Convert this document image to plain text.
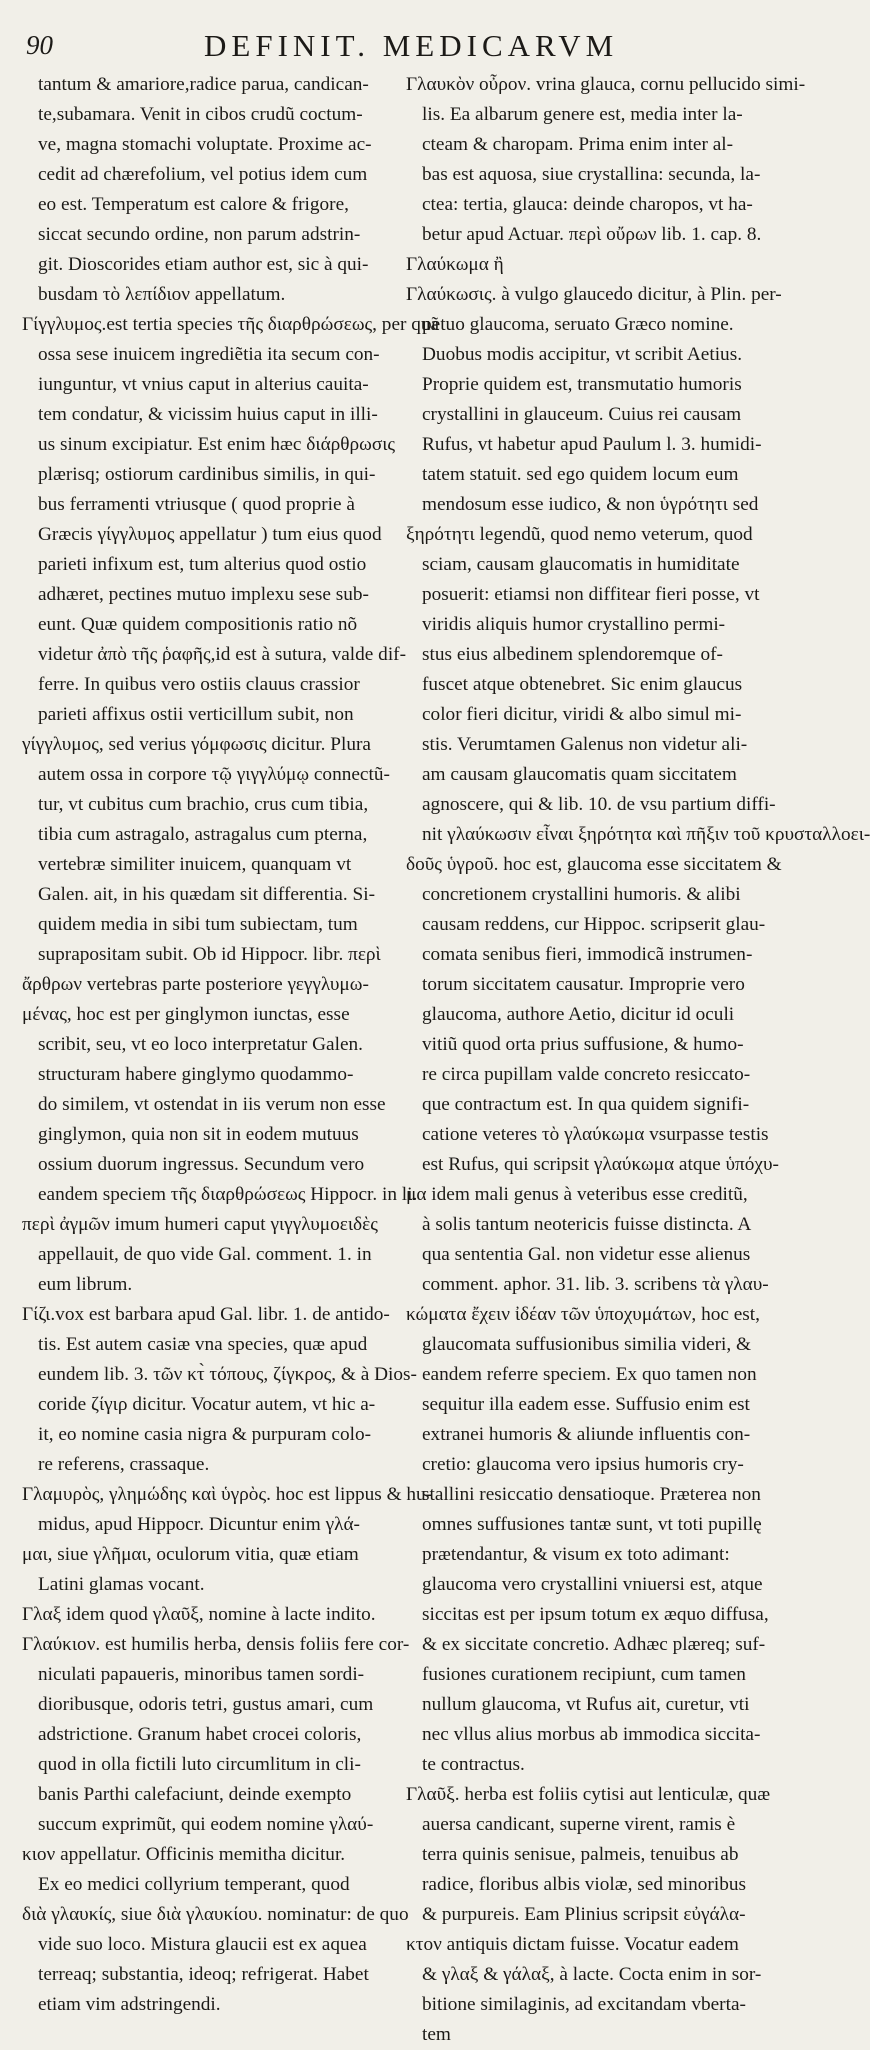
90	DEFINIT. MEDICARVM
tantum & amariore,radice parua, candican-
te,subamara. Venit in cibos crudũ coctum-
ve, magna stomachi voluptate. Proxime ac-
cedit ad chærefolium, vel potius idem cum
eo est. Temperatum est calore & frigore,
siccat secundo ordine, non parum adstrin-
git. Dioscorides etiam author est, sic à qui-
busdam τὸ λεπίδιον appellatum.
Γίγγλυμος.est tertia species τῆς διαρθρώσεως, per quã
ossa sese inuicem ingrediẽtia ita secum con-
iunguntur, vt vnius caput in alterius cauita-
tem condatur, & vicissim huius caput in illi-
us sinum excipiatur. Est enim hæc διάρθρωσις
plærisq; ostiorum cardinibus similis, in qui-
bus ferramenti vtriusque ( quod proprie à
Græcis γίγγλυμος appellatur ) tum eius quod
parieti infixum est, tum alterius quod ostio
adhæret, pectines mutuo implexu sese sub-
eunt. Quæ quidem compositionis ratio nõ
videtur ἀπὸ τῆς ῥαφῆς,id est à sutura, valde dif-
ferre. In quibus vero ostiis clauus crassior
parieti affixus ostii verticillum subit, non
γίγγλυμος, sed verius γόμφωσις dicitur. Plura
autem ossa in corpore τῷ γιγγλύμῳ connectũ-
tur, vt cubitus cum brachio, crus cum tibia,
tibia cum astragalo, astragalus cum pterna,
vertebræ similiter inuicem, quanquam vt
Galen. ait, in his quædam sit differentia. Si-
quidem media in sibi tum subiectam, tum
suprapositam subit. Ob id Hippocr. libr. περὶ
ἄρθρων vertebras parte posteriore γεγγλυμω-
μένας, hoc est per ginglymon iunctas, esse
scribit, seu, vt eo loco interpretatur Galen.
structuram habere ginglymo quodammo-
do similem, vt ostendat in iis verum non esse
ginglymon, quia non sit in eodem mutuus
ossium duorum ingressus. Secundum vero
eandem speciem τῆς διαρθρώσεως Hippocr. in li.
περὶ ἀγμῶν imum humeri caput γιγγλυμοειδὲς
appellauit, de quo vide Gal. comment. 1. in
eum librum.
Γίζι.vox est barbara apud Gal. libr. 1. de antido-
tis. Est autem casiæ vna species, quæ apud
eundem lib. 3. τῶν κτ̀ τόπους, ζίγκρος, & à Dios-
coride ζίγιρ dicitur. Vocatur autem, vt hic a-
it, eo nomine casia nigra & purpuram colo-
re referens, crassaque.
Γλαμυρὸς, γλημώδης καὶ ὑγρὸς. hoc est lippus & hu-
midus, apud Hippocr. Dicuntur enim γλά-
μαι, siue γλῆμαι, oculorum vitia, quæ etiam
Latini glamas vocant.
Γλαξ idem quod γλαῦξ, nomine à lacte indito.
Γλαύκιον. est humilis herba, densis foliis fere cor-
niculati papaueris, minoribus tamen sordi-
dioribusque, odoris tetri, gustus amari, cum
adstrictione. Granum habet crocei coloris,
quod in olla fictili luto circumlitum in cli-
banis Parthi calefaciunt, deinde exempto
succum exprimũt, qui eodem nomine γλαύ-
κιον appellatur. Officinis memitha dicitur.
Ex eo medici collyrium temperant, quod
διὰ γλαυκίς, siue διὰ γλαυκίου. nominatur: de quo
vide suo loco. Mistura glaucii est ex aquea
terreaq; substantia, ideoq; refrigerat. Habet
etiam vim adstringendi.
Γλαυκὸν οὖρον. vrina glauca, cornu pellucido simi-
lis. Ea albarum genere est, media inter la-
cteam & charopam. Prima enim inter al-
bas est aquosa, siue crystallina: secunda, la-
ctea: tertia, glauca: deinde charopos, vt ha-
betur apud Actuar. περὶ οὔρων lib. 1. cap. 8.
Γλαύκωμα ἢ
Γλαύκωσις. à vulgo glaucedo dicitur, à Plin. per-
petuo glaucoma, seruato Græco nomine.
Duobus modis accipitur, vt scribit Aetius.
Proprie quidem est, transmutatio humoris
crystallini in glauceum. Cuius rei causam
Rufus, vt habetur apud Paulum l. 3. humidi-
tatem statuit. sed ego quidem locum eum
mendosum esse iudico, & non ὑγρότητι sed
ξηρότητι legendũ, quod nemo veterum, quod
sciam, causam glaucomatis in humiditate
posuerit: etiamsi non diffitear fieri posse, vt
viridis aliquis humor crystallino permi-
stus eius albedinem splendoremque of-
fuscet atque obtenebret. Sic enim glaucus
color fieri dicitur, viridi & albo simul mi-
stis. Verumtamen Galenus non videtur ali-
am causam glaucomatis quam siccitatem
agnoscere, qui & lib. 10. de vsu partium diffi-
nit γλαύκωσιν εἶναι ξηρότητα καὶ πῆξιν τοῦ κρυσταλλοει-
δοῦς ὑγροῦ. hoc est, glaucoma esse siccitatem &
concretionem crystallini humoris. & alibi
causam reddens, cur Hippoc. scripserit glau-
comata senibus fieri, immodicã instrumen-
torum siccitatem causatur. Improprie vero
glaucoma, authore Aetio, dicitur id oculi
vitiũ quod orta prius suffusione, & humo-
re circa pupillam valde concreto resiccato-
que contractum est. In qua quidem signifi-
catione veteres τὸ γλαύκωμα vsurpasse testis
est Rufus, qui scripsit γλαύκωμα atque ὑπόχυ-
μα idem mali genus à veteribus esse creditũ,
à solis tantum neotericis fuisse distincta. A
qua sententia Gal. non videtur esse alienus
comment. aphor. 31. lib. 3. scribens τὰ γλαυ-
κώματα ἔχειν ἰδέαν τῶν ὑποχυμάτων, hoc est,
glaucomata suffusionibus similia videri, &
eandem referre speciem. Ex quo tamen non
sequitur illa eadem esse. Suffusio enim est
extranei humoris & aliunde influentis con-
cretio: glaucoma vero ipsius humoris cry-
stallini resiccatio densatioque. Præterea non
omnes suffusiones tantæ sunt, vt toti pupillę
prætendantur, & visum ex toto adimant:
glaucoma vero crystallini vniuersi est, atque
siccitas est per ipsum totum ex æquo diffusa,
& ex siccitate concretio. Adhæc plæreq; suf-
fusiones curationem recipiunt, cum tamen
nullum glaucoma, vt Rufus ait, curetur, vti
nec vllus alius morbus ab immodica siccita-
te contractus.
Γλαῦξ. herba est foliis cytisi aut lenticulæ, quæ
auersa candicant, superne virent, ramis è
terra quinis senisue, palmeis, tenuibus ab
radice, floribus albis violæ, sed minoribus
& purpureis. Eam Plinius scripsit εὐγάλα-
κτον antiquis dictam fuisse. Vocatur eadem
& γλαξ & γάλαξ, à lacte. Cocta enim in sor-
bitione similaginis, ad excitandam vberta-
tem
